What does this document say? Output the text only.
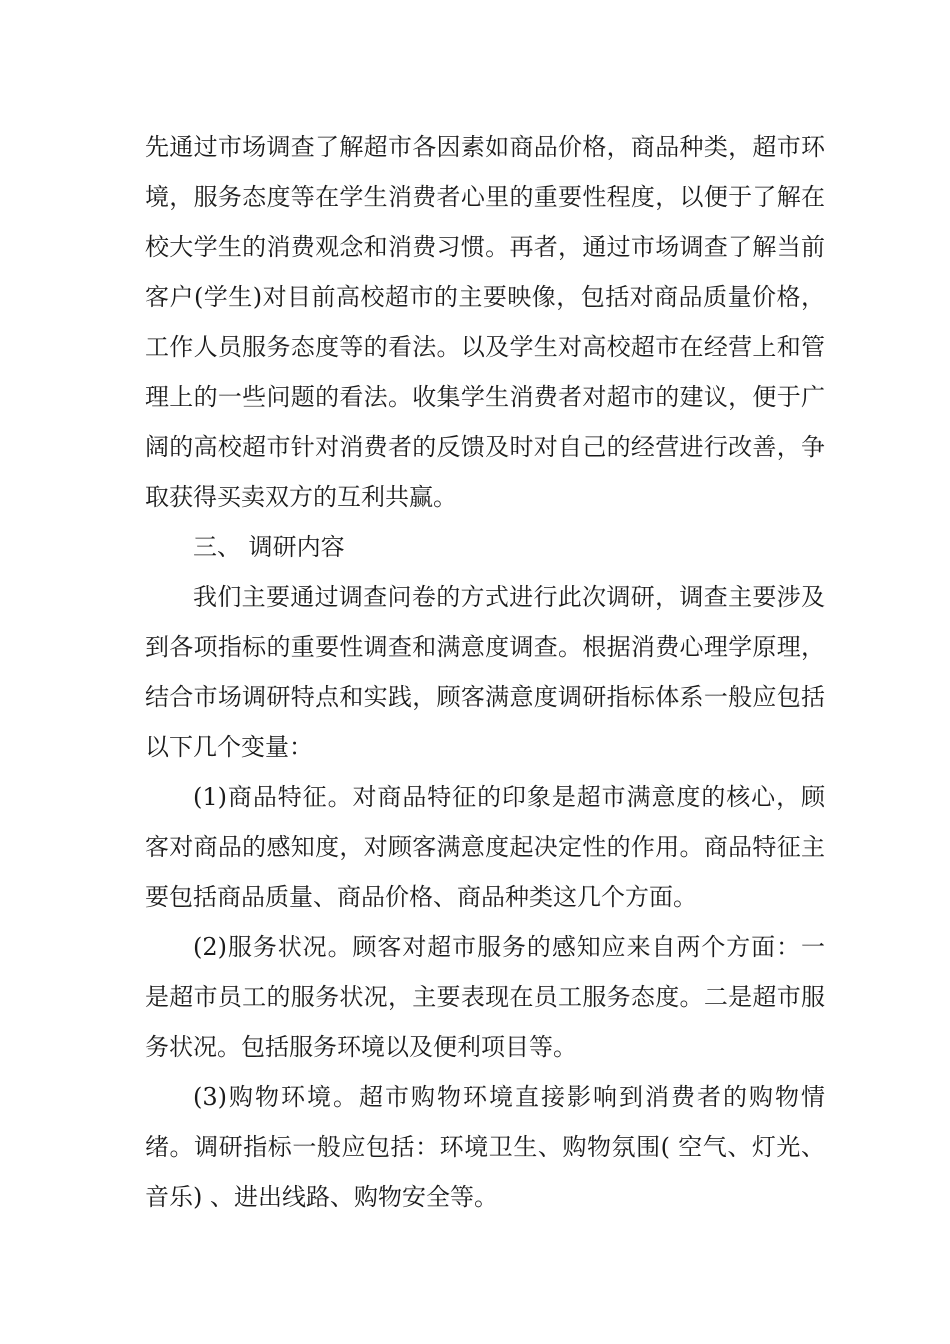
先通过市场调查了解超市各因素如商品价格，商品种类，超市环境，服务态度等在学生消费者心里的重要性程度，以便于了解在校大学生的消费观念和消费习惯。再者，通过市场调查了解当前客户(学生)对目前高校超市的主要映像，包括对商品质量价格，工作人员服务态度等的看法。以及学生对高校超市在经营上和管理上的一些问题的看法。收集学生消费者对超市的建议，便于广阔的高校超市针对消费者的反馈及时对自己的经营进行改善，争取获得买卖双方的互利共赢。

三、 调研内容

我们主要通过调查问卷的方式进行此次调研，调查主要涉及到各项指标的重要性调查和满意度调查。根据消费心理学原理，结合市场调研特点和实践，顾客满意度调研指标体系一般应包括以下几个变量：

(1)商品特征。对商品特征的印象是超市满意度的核心，顾客对商品的感知度，对顾客满意度起决定性的作用。商品特征主要包括商品质量、商品价格、商品种类这几个方面。

(2)服务状况。顾客对超市服务的感知应来自两个方面：一是超市员工的服务状况，主要表现在员工服务态度。二是超市服务状况。包括服务环境以及便利项目等。

(3)购物环境。超市购物环境直接影响到消费者的购物情绪。调研指标一般应包括：环境卫生、购物氛围( 空气、灯光、音乐) 、进出线路、购物安全等。
